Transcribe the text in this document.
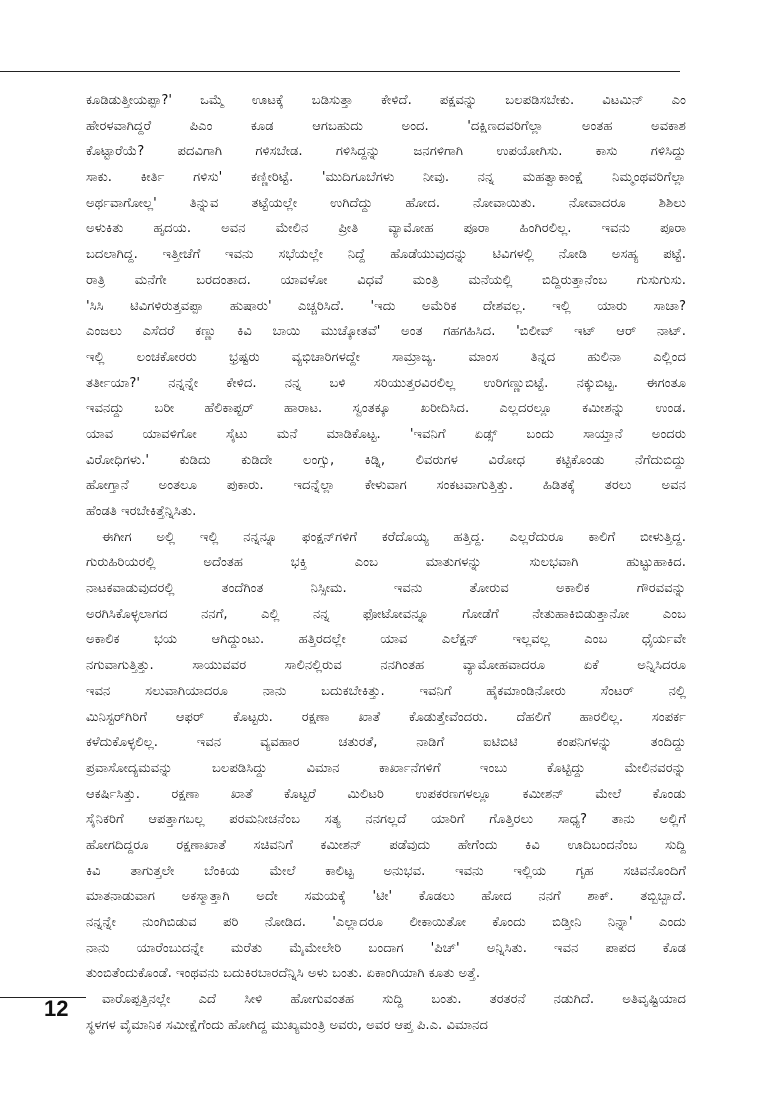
ಕೂಡಿಡುತ್ತೀಯಪ್ಪಾ?' ಒಮ್ಮೆ ಊಟಕ್ಕೆ ಬಡಿಸುತ್ತಾ ಕೇಳಿದೆ. ಪಕ್ಷವನ್ನು ಬಲಪಡಿಸಬೇಕು. ವಿಟಮಿನ್ ಎಂ
ಹೇರಳವಾಗಿದ್ದರೆ ಪಿಎಂ ಕೂಡ ಆಗಬಹುದು ಅಂದ. 'ದಕ್ಷಿಣದವರಿಗೆಲ್ಲಾ ಅಂತಹ ಅವಕಾಶ
ಕೊಟ್ಟಾರೆಯೆ? ಪದವಿಗಾಗಿ ಗಳಿಸಬೇಡ. ಗಳಿಸಿದ್ದನ್ನು ಜನಗಳಿಗಾಗಿ ಉಪಯೋಗಿಸು. ಕಾಸು ಗಳಿಸಿದ್ದು
ಸಾಕು. ಕೀರ್ತಿ ಗಳಿಸು' ಕಣ್ಣೀರಿಟ್ಟೆ. 'ಮುದಿಗೂಬೆಗಳು ನೀವು. ನನ್ನ ಮಹತ್ವಾಕಾಂಕ್ಷೆ ನಿಮ್ಮಂಥವರಿಗೆಲ್ಲಾ
ಅರ್ಥವಾಗೋಲ್ಲ' ತಿನ್ನುವ ತಟ್ಟೆಯಲ್ಲೇ ಉಗಿದೆದ್ದು ಹೋದ. ನೋವಾಯಿತು. ನೋವಾದರೂ ಶಿಶಿಲು
ಅಳುಕಿತು ಹೃದಯ. ಅವನ ಮೇಲಿನ ಪ್ರೀತಿ ವ್ಯಾಮೋಹ ಪೂರಾ ಹಿಂಗಿರಲಿಲ್ಲ. ಇವನು ಪೂರಾ
ಬದಲಾಗಿದ್ದ. ಇತ್ತೀಚೆಗೆ ಇವನು ಸಭೆಯಲ್ಲೇ ನಿದ್ದೆ ಹೊಡೆಯುವುದನ್ನು ಟಿವಿಗಳಲ್ಲಿ ನೋಡಿ ಅಸಹ್ಯ ಪಟ್ಟೆ.
ರಾತ್ರಿ ಮನೆಗೇ ಬರದಂತಾದ. ಯಾವಳೋ ವಿಧವೆ ಮಂತ್ರಿ ಮನೆಯಲ್ಲಿ ಬಿದ್ದಿರುತ್ತಾನೆಂಬ ಗುಸುಗುಸು.
'ಸಿಸಿ ಟಿವಿಗಳಿರುತ್ತವಪ್ಪಾ ಹುಷಾರು' ಎಚ್ಚರಿಸಿದೆ. 'ಇದು ಅಮೆರಿಕ ದೇಶವಲ್ಲ. ಇಲ್ಲಿ ಯಾರು ಸಾಚಾ?
ಎಂಜಲು ಎಸೆದರೆ ಕಣ್ಣು ಕಿವಿ ಬಾಯಿ ಮುಚ್ಕೋತವೆ' ಅಂತ ಗಹಗಹಿಸಿದ. 'ಬಿಲೀವ್ ಇಟ್ ಆರ್ ನಾಟ್.
ಇಲ್ಲಿ ಲಂಚಕೋರರು ಭ್ರಷ್ಟರು ವ್ಯಭಿಚಾರಿಗಳದ್ದೇ ಸಾಮ್ರಾಜ್ಯ. ಮಾಂಸ ತಿನ್ನದ ಹುಲಿನಾ ಎಲ್ಲಿಂದ
ತರ್ತೀಯಾ?' ನನ್ನನ್ನೇ ಕೇಳಿದ. ನನ್ನ ಬಳಿ ಸರಿಯುತ್ತರವಿರಲಿಲ್ಲ ಉರಿಗಣ್ಣುಬಿಟ್ಟೆ. ನಕ್ಕುಬಿಟ್ಟ. ಈಗಂತೂ
ಇವನದ್ದು ಬರೀ ಹೆಲಿಕಾಪ್ಟರ್ ಹಾರಾಟ. ಸ್ವಂತಕ್ಕೂ ಖರೀದಿಸಿದ. ಎಲ್ಲದರಲ್ಲೂ ಕಮೀಶನ್ನು ಉಂಡ.
ಯಾವ ಯಾವಳಿಗೋ ಸೈಟು ಮನೆ ಮಾಡಿಕೊಟ್ಟ. 'ಇವನಿಗೆ ಏಡ್ಸ್ ಬಂದು ಸಾಯ್ತಾನೆ ಅಂದರು
ವಿರೋಧಿಗಳು.' ಕುಡಿದು ಕುಡಿದೇ ಲಂಗ್ಸು, ಕಿಡ್ನಿ, ಲಿವರುಗಳ ವಿರೋಧ ಕಟ್ಟಿಕೊಂಡು ನೆಗೆದುಬಿದ್ದು
ಹೋಗ್ತಾನೆ ಅಂತಲೂ ಪುಕಾರು. ಇದನ್ನೆಲ್ಲಾ ಕೇಳುವಾಗ ಸಂಕಟವಾಗುತ್ತಿತ್ತು. ಹಿಡಿತಕ್ಕೆ ತರಲು ಅವನ
ಹೆಂಡತಿ ಇರಬೇಕಿತ್ತೆನ್ನಿಸಿತು.
ಈಗೀಗ ಅಲ್ಲಿ ಇಲ್ಲಿ ನನ್ನನ್ನೂ ಫಂಕ್ಷನ್‌ಗಳಿಗೆ ಕರೆದೊಯ್ಯ ಹತ್ತಿದ್ದ. ಎಲ್ಲರೆದುರೂ ಕಾಲಿಗೆ ಬೀಳುತ್ತಿದ್ದ.
ಗುರುಹಿರಿಯರಲ್ಲಿ ಅದೆಂತಹ ಭಕ್ತಿ ಎಂಬ ಮಾತುಗಳನ್ನು ಸುಲಭವಾಗಿ ಹುಟ್ಟುಹಾಕಿದ.
ನಾಟಕವಾಡುವುದರಲ್ಲಿ ತಂದೆಗಿಂತ ನಿಸ್ಸೀಮ. ಇವನು ತೋರುವ ಅಕಾಲಿಕ ಗೌರವವನ್ನು
ಅರಗಿಸಿಕೊಳ್ಳಲಾಗದ ನನಗೆ, ಎಲ್ಲಿ ನನ್ನ ಫೋಟೋವನ್ನೂ ಗೋಡೆಗೆ ನೇತುಹಾಕಿಬಿಡುತ್ತಾನೋ ಎಂಬ
ಅಕಾಲಿಕ ಭಯ ಆಗಿದ್ದುಂಟು. ಹತ್ತಿರದಲ್ಲೇ ಯಾವ ಎಲೆಕ್ಷನ್ ಇಲ್ಲವಲ್ಲ ಎಂಬ ಧೈರ್ಯವೇ
ನಗುವಾಗುತ್ತಿತ್ತು. ಸಾಯುವವರ ಸಾಲಿನಲ್ಲಿರುವ ನನಗಿಂತಹ ವ್ಯಾಮೋಹವಾದರೂ ಏಕೆ ಅನ್ನಿಸಿದರೂ
ಇವನ ಸಲುವಾಗಿಯಾದರೂ ನಾನು ಬದುಕಬೇಕಿತ್ತು. ಇವನಿಗೆ ಹೈಕಮಾಂಡಿನೋರು ಸೆಂಟರ್ ನಲ್ಲಿ
ಮಿನಿಸ್ಟರ್‌ಗಿರಿಗೆ ಆಫರ್ ಕೊಟ್ಟರು. ರಕ್ಷಣಾ ಖಾತೆ ಕೊಡುತ್ತೇವೆಂದರು. ದೆಹಲಿಗೆ ಹಾರಲಿಲ್ಲ. ಸಂಪರ್ಕ
ಕಳೆದುಕೊಳ್ಳಲಿಲ್ಲ. ಇವನ ವ್ಯವಹಾರ ಚತುರತೆ, ನಾಡಿಗೆ ಐಟಿಬಿಟಿ ಕಂಪನಿಗಳನ್ನು ತಂದಿದ್ದು
ಪ್ರವಾಸೋದ್ಯಮವನ್ನು ಬಲಪಡಿಸಿದ್ದು ವಿಮಾನ ಕಾರ್ಖಾನೆಗಳಿಗೆ ಇಂಬು ಕೊಟ್ಟಿದ್ದು ಮೇಲಿನವರನ್ನು
ಆಕರ್ಷಿಸಿತ್ತು. ರಕ್ಷಣಾ ಖಾತೆ ಕೊಟ್ಟರೆ ಮಿಲಿಟರಿ ಉಪಕರಣಗಳಲ್ಲೂ ಕಮೀಶನ್ ಮೇಲೆ ಕೊಂಡು
ಸೈನಿಕರಿಗೆ ಆಪತ್ತಾಗಬಲ್ಲ ಪರಮನೀಚನೆಂಬ ಸತ್ಯ ನನಗಲ್ಲದೆ ಯಾರಿಗೆ ಗೊತ್ತಿರಲು ಸಾಧ್ಯ? ತಾನು ಅಲ್ಲಿಗೆ
ಹೋಗದಿದ್ದರೂ ರಕ್ಷಣಾಖಾತೆ ಸಚಿವನಿಗೆ ಕಮೀಶನ್ ಪಡೆವುದು ಹೇಗೆಂದು ಕಿವಿ ಊದಿಬಂದನೆಂಬ ಸುದ್ದಿ
ಕಿವಿ ತಾಗುತ್ತಲೇ ಬೆಂಕಿಯ ಮೇಲೆ ಕಾಲಿಟ್ಟ ಅನುಭವ. ಇವನು ಇಲ್ಲಿಯ ಗೃಹ ಸಚಿವನೊಂದಿಗೆ
ಮಾತನಾಡುವಾಗ ಅಕಸ್ಮಾತ್ತಾಗಿ ಅದೇ ಸಮಯಕ್ಕೆ 'ಟೀ' ಕೊಡಲು ಹೋದ ನನಗೆ ಶಾಕ್. ತಬ್ಬಿಬ್ಬಾದೆ.
ನನ್ನನ್ನೇ ನುಂಗಿಬಿಡುವ ಪರಿ ನೋಡಿದ. 'ಎಲ್ಲಾದರೂ ಲೀಕಾಯಿತೋ ಕೊಂದು ಬಿಡ್ತೀನಿ ನಿನ್ನಾ' ಎಂದು
ನಾನು ಯಾರೆಂಬುದನ್ನೇ ಮರೆತು ಮೈಮೇಲೇರಿ ಬಂದಾಗ 'ಪಿಚ್' ಅನ್ನಿಸಿತು. ಇವನ ಪಾಪದ ಕೊಡ
ತುಂಬಿತೆಂದುಕೊಂಡೆ. ಇಂಥವನು ಬದುಕಿರಬಾರದೆನ್ನಿಸಿ ಅಳು ಬಂತು. ಏಕಾಂಗಿಯಾಗಿ ಕೂತು ಅತ್ತೆ.
ವಾರೊಪ್ಪತ್ತಿನಲ್ಲೇ ಎದೆ ಸೀಳಿ ಹೋಗುವಂತಹ ಸುದ್ದಿ ಬಂತು. ತರತರನೆ ನಡುಗಿದೆ. ಅತಿವೃಷ್ಟಿಯಾದ
ಸ್ಥಳಗಳ ವೈಮಾನಿಕ ಸಮೀಕ್ಷೆಗೆಂದು ಹೋಗಿದ್ದ ಮುಖ್ಯಮಂತ್ರಿ ಅವರು, ಅವರ ಆಪ್ತ ಪಿ.ಎ. ವಿಮಾನದ
12
